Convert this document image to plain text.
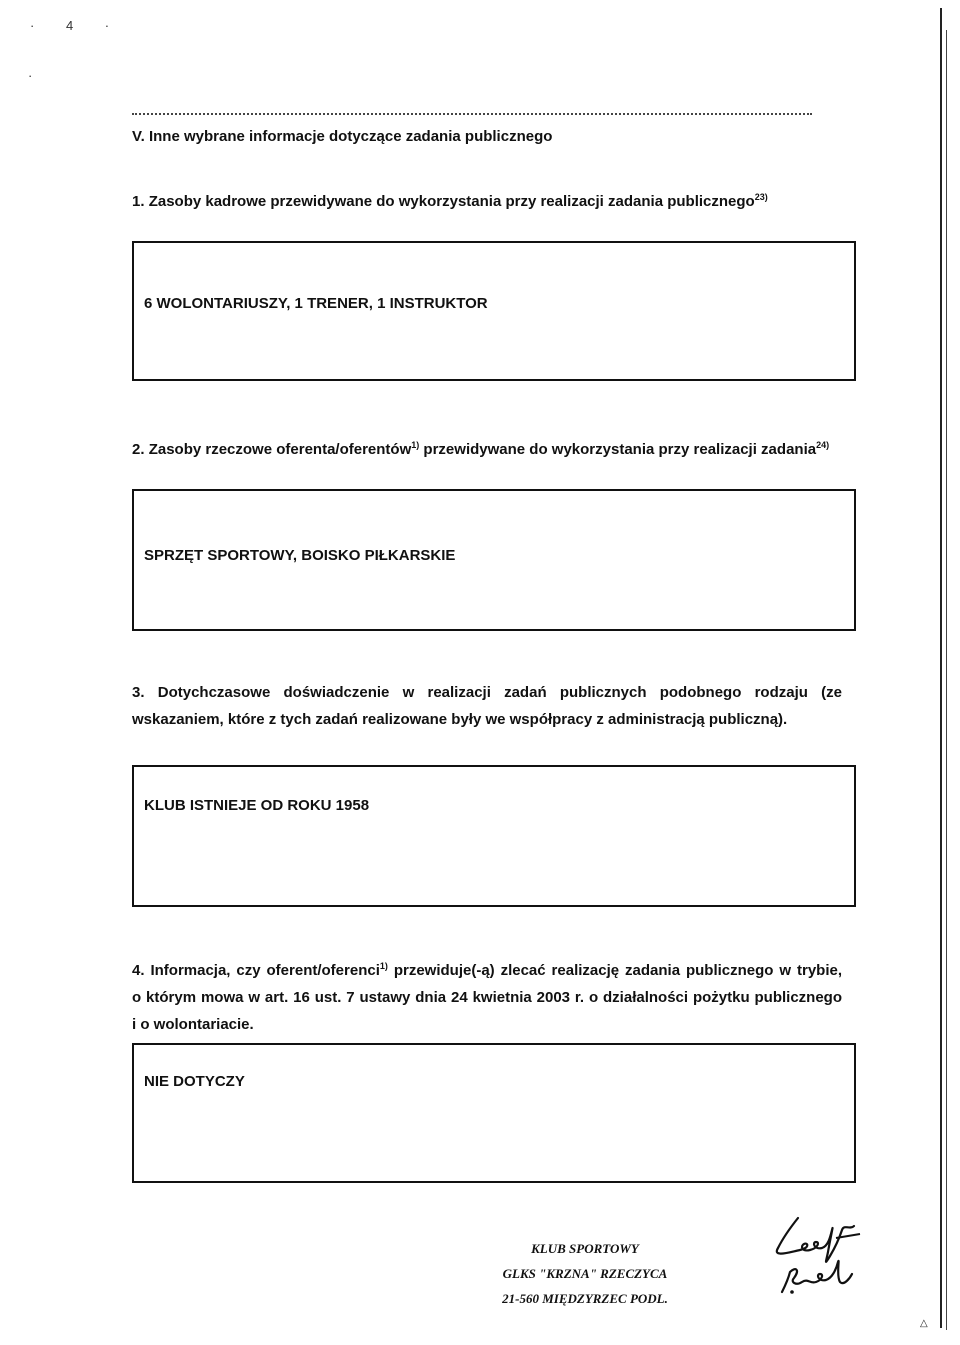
· 4 ·
·
V. Inne wybrane informacje dotyczące zadania publicznego
1. Zasoby kadrowe przewidywane do wykorzystania przy realizacji zadania publicznego$^{23)}$
6 WOLONTARIUSZY, 1 TRENER, 1 INSTRUKTOR
2. Zasoby rzeczowe oferenta/oferentów$^{1)}$ przewidywane do wykorzystania przy realizacji zadania$^{24)}$
SPRZĘT SPORTOWY, BOISKO PIŁKARSKIE
3. Dotychczasowe doświadczenie w realizacji zadań publicznych podobnego rodzaju (ze
wskazaniem, które z tych zadań realizowane były we współpracy z administracją publiczną).
KLUB ISTNIEJE OD ROKU 1958
4. Informacja, czy oferent/oferenci$^{1)}$ przewiduje(-ą) zlecać realizację zadania publicznego w trybie,
o którym mowa w art. 16 ust. 7 ustawy dnia 24 kwietnia 2003 r. o działalności pożytku publicznego
i o wolontariacie.
NIE DOTYCZY
KLUB SPORTOWY
GLKS "KRZNA" RZECZYCA
21-560 MIĘDZYRZEC PODL.
△
